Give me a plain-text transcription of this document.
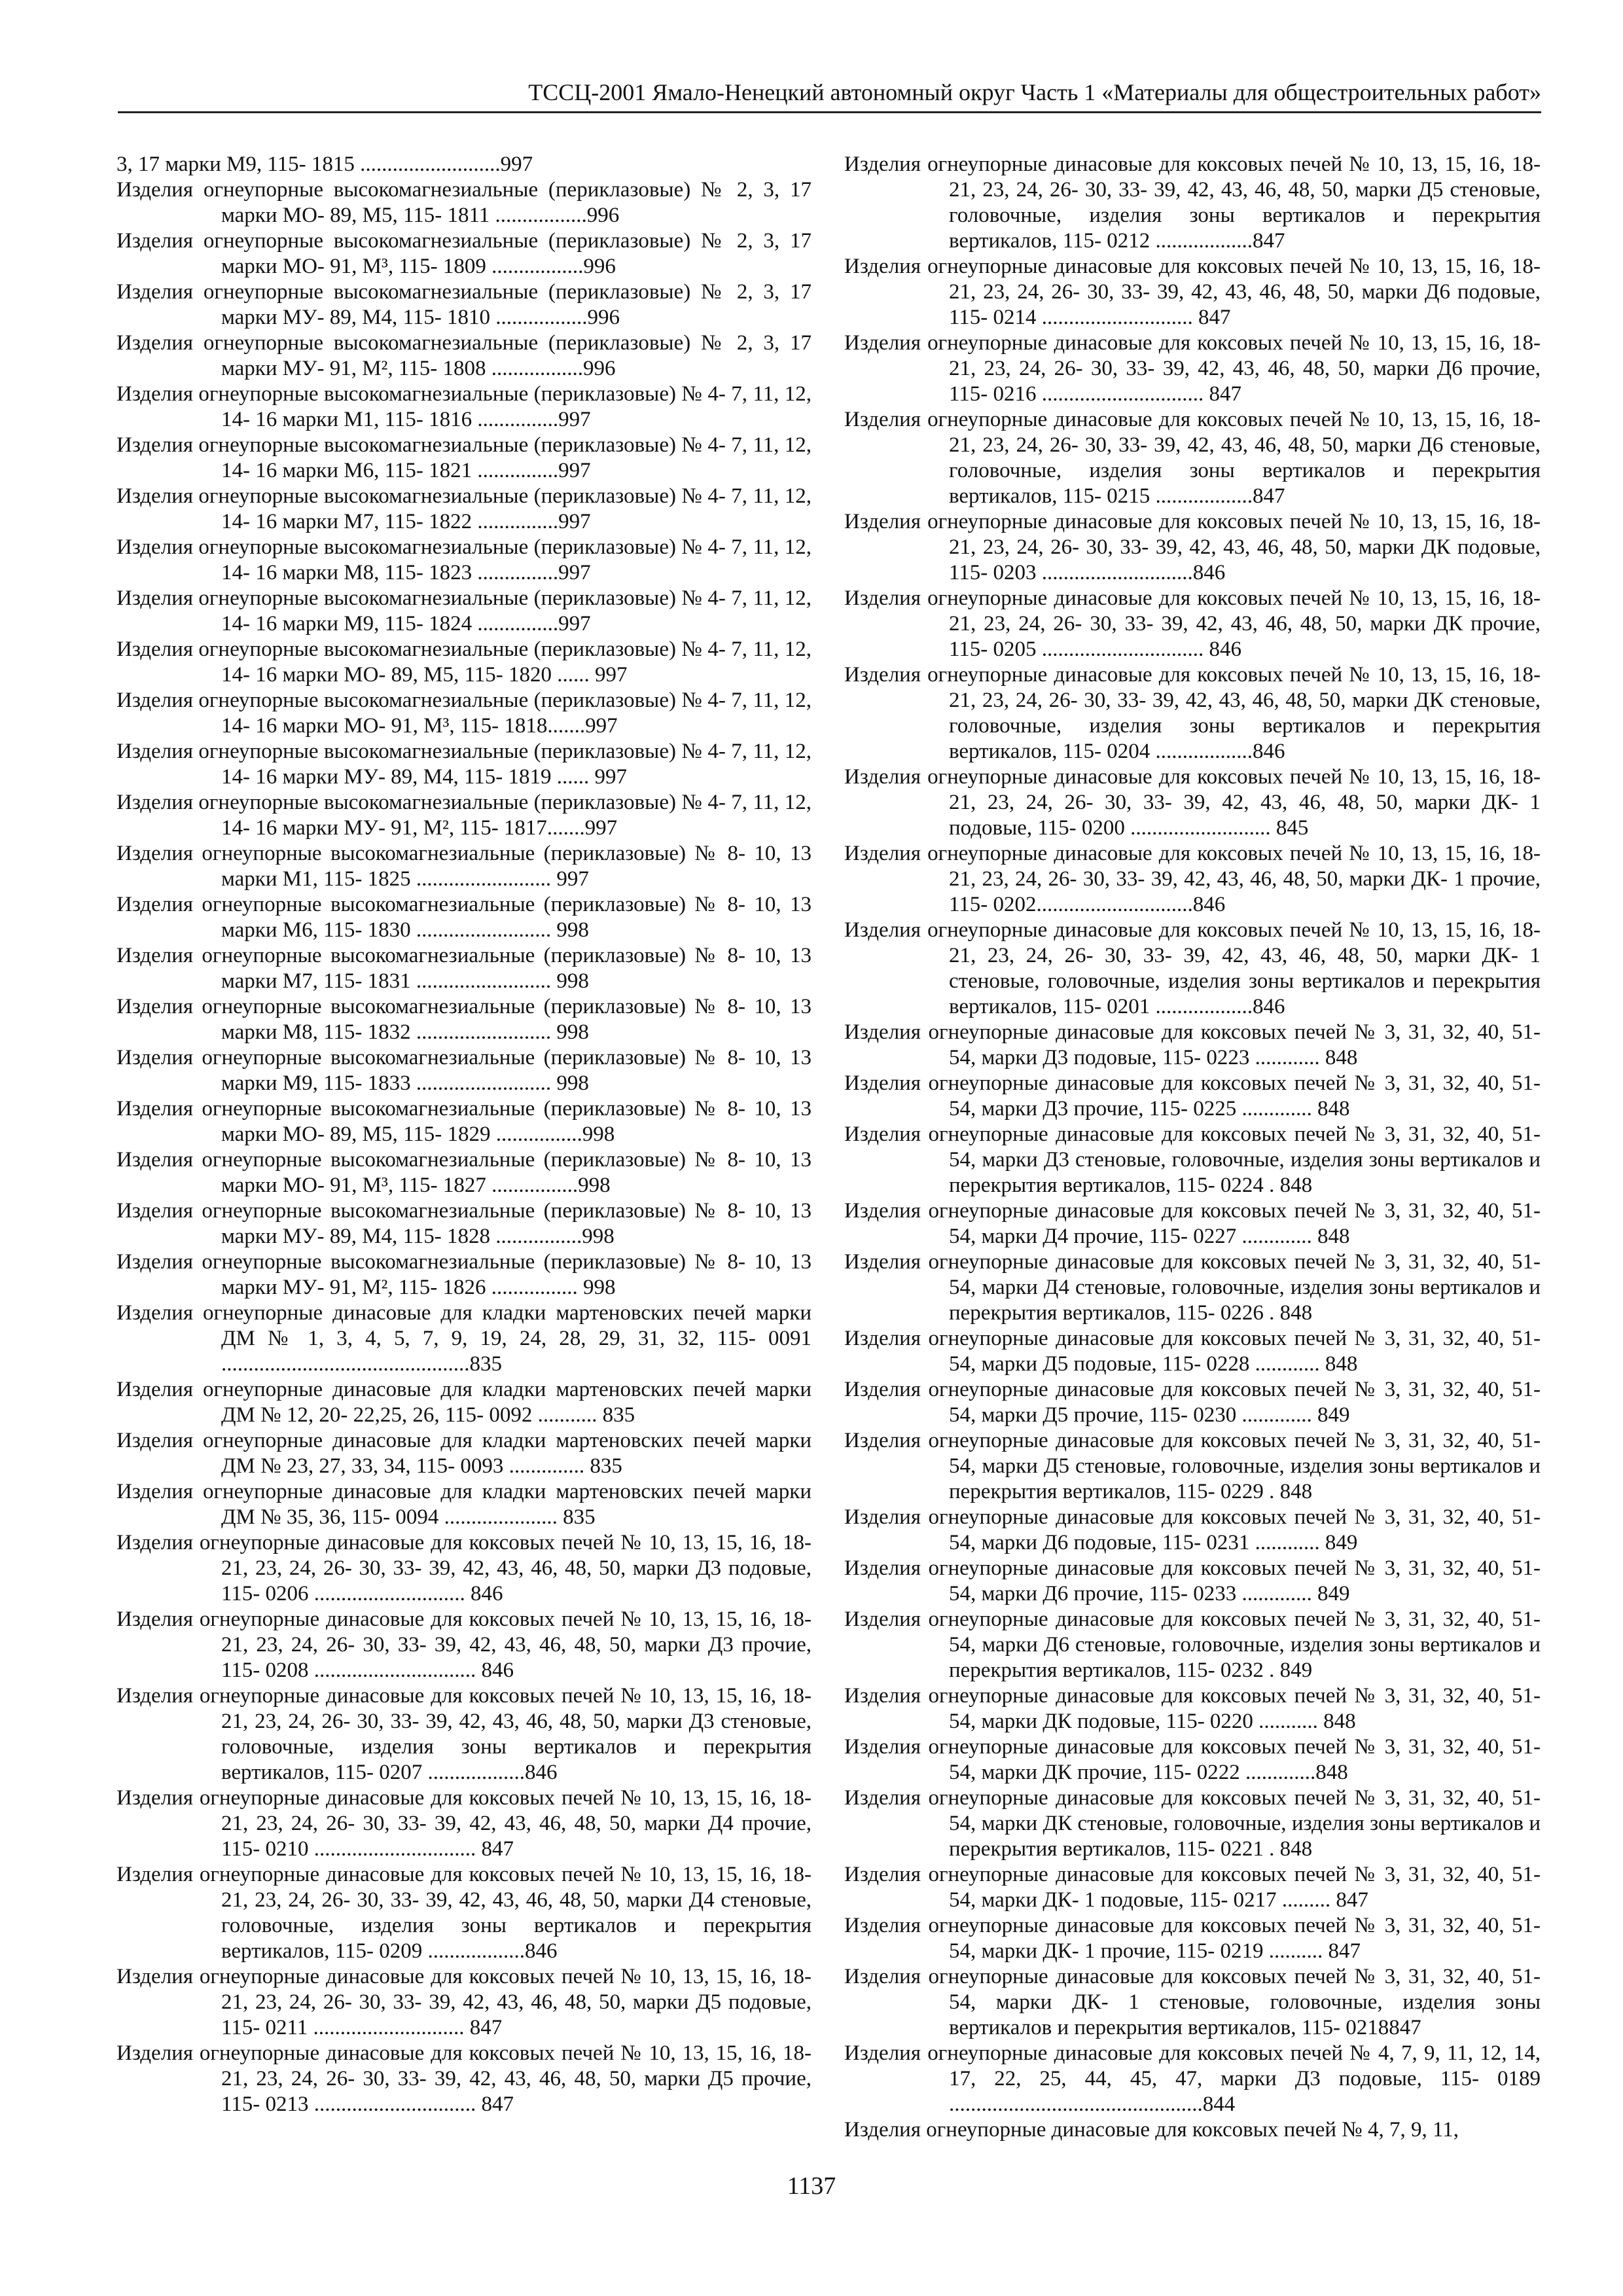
ТССЦ-2001 Ямало-Ненецкий автономный округ Часть 1 «Материалы для общестроительных работ»

3, 17 марки М9, 115- 1815 ..........................997

Изделия огнеупорные высокомагнезиальные (периклазовые) № 2, 3, 17 марки МО- 89, М5, 115- 1811 .................996

Изделия огнеупорные высокомагнезиальные (периклазовые) № 2, 3, 17 марки МО- 91, М³, 115- 1809 .................996

Изделия огнеупорные высокомагнезиальные (периклазовые) № 2, 3, 17 марки МУ- 89, М4, 115- 1810 .................996

Изделия огнеупорные высокомагнезиальные (периклазовые) № 2, 3, 17 марки МУ- 91, М², 115- 1808 .................996

Изделия огнеупорные высокомагнезиальные (периклазовые) № 4- 7, 11, 12, 14- 16 марки М1, 115- 1816 ...............997

Изделия огнеупорные высокомагнезиальные (периклазовые) № 4- 7, 11, 12, 14- 16 марки М6, 115- 1821 ...............997

Изделия огнеупорные высокомагнезиальные (периклазовые) № 4- 7, 11, 12, 14- 16 марки М7, 115- 1822 ...............997

Изделия огнеупорные высокомагнезиальные (периклазовые) № 4- 7, 11, 12, 14- 16 марки М8, 115- 1823 ...............997

Изделия огнеупорные высокомагнезиальные (периклазовые) № 4- 7, 11, 12, 14- 16 марки М9, 115- 1824 ...............997

Изделия огнеупорные высокомагнезиальные (периклазовые) № 4- 7, 11, 12, 14- 16 марки МО- 89, М5, 115- 1820 ...... 997

Изделия огнеупорные высокомагнезиальные (периклазовые) № 4- 7, 11, 12, 14- 16 марки МО- 91, М³, 115- 1818.......997

Изделия огнеупорные высокомагнезиальные (периклазовые) № 4- 7, 11, 12, 14- 16 марки МУ- 89, М4, 115- 1819 ...... 997

Изделия огнеупорные высокомагнезиальные (периклазовые) № 4- 7, 11, 12, 14- 16 марки МУ- 91, М², 115- 1817.......997

Изделия огнеупорные высокомагнезиальные (периклазовые) № 8- 10, 13 марки М1, 115- 1825 ......................... 997

Изделия огнеупорные высокомагнезиальные (периклазовые) № 8- 10, 13 марки М6, 115- 1830 ......................... 998

Изделия огнеупорные высокомагнезиальные (периклазовые) № 8- 10, 13 марки М7, 115- 1831 ......................... 998

Изделия огнеупорные высокомагнезиальные (периклазовые) № 8- 10, 13 марки М8, 115- 1832 ......................... 998

Изделия огнеупорные высокомагнезиальные (периклазовые) № 8- 10, 13 марки М9, 115- 1833 ......................... 998

Изделия огнеупорные высокомагнезиальные (периклазовые) № 8- 10, 13 марки МО- 89, М5, 115- 1829 ................998

Изделия огнеупорные высокомагнезиальные (периклазовые) № 8- 10, 13 марки МО- 91, М³, 115- 1827 ................998

Изделия огнеупорные высокомагнезиальные (периклазовые) № 8- 10, 13 марки МУ- 89, М4, 115- 1828 ................998

Изделия огнеупорные высокомагнезиальные (периклазовые) № 8- 10, 13 марки МУ- 91, М², 115- 1826 ................ 998

Изделия огнеупорные динасовые для кладки мартеновских печей марки ДМ № 1, 3, 4, 5, 7, 9, 19, 24, 28, 29, 31, 32, 115- 0091 ..............................................835

Изделия огнеупорные динасовые для кладки мартеновских печей марки ДМ № 12, 20- 22,25, 26, 115- 0092 ........... 835

Изделия огнеупорные динасовые для кладки мартеновских печей марки ДМ № 23, 27, 33, 34, 115- 0093 .............. 835

Изделия огнеупорные динасовые для кладки мартеновских печей марки ДМ № 35, 36, 115- 0094 ..................... 835

Изделия огнеупорные динасовые для коксовых печей № 10, 13, 15, 16, 18- 21, 23, 24, 26- 30, 33- 39, 42, 43, 46, 48, 50, марки Д3 подовые, 115- 0206 ............................ 846

Изделия огнеупорные динасовые для коксовых печей № 10, 13, 15, 16, 18- 21, 23, 24, 26- 30, 33- 39, 42, 43, 46, 48, 50, марки Д3 прочие, 115- 0208 .............................. 846

Изделия огнеупорные динасовые для коксовых печей № 10, 13, 15, 16, 18- 21, 23, 24, 26- 30, 33- 39, 42, 43, 46, 48, 50, марки Д3 стеновые, головочные, изделия зоны вертикалов и перекрытия вертикалов, 115- 0207 ..................846

Изделия огнеупорные динасовые для коксовых печей № 10, 13, 15, 16, 18- 21, 23, 24, 26- 30, 33- 39, 42, 43, 46, 48, 50, марки Д4 прочие, 115- 0210 .............................. 847

Изделия огнеупорные динасовые для коксовых печей № 10, 13, 15, 16, 18- 21, 23, 24, 26- 30, 33- 39, 42, 43, 46, 48, 50, марки Д4 стеновые, головочные, изделия зоны вертикалов и перекрытия вертикалов, 115- 0209 ..................846

Изделия огнеупорные динасовые для коксовых печей № 10, 13, 15, 16, 18- 21, 23, 24, 26- 30, 33- 39, 42, 43, 46, 48, 50, марки Д5 подовые, 115- 0211 ............................ 847

Изделия огнеупорные динасовые для коксовых печей № 10, 13, 15, 16, 18- 21, 23, 24, 26- 30, 33- 39, 42, 43, 46, 48, 50, марки Д5 прочие, 115- 0213 .............................. 847

Изделия огнеупорные динасовые для коксовых печей № 10, 13, 15, 16, 18- 21, 23, 24, 26- 30, 33- 39, 42, 43, 46, 48, 50, марки Д5 стеновые, головочные, изделия зоны вертикалов и перекрытия вертикалов, 115- 0212 ..................847

Изделия огнеупорные динасовые для коксовых печей № 10, 13, 15, 16, 18- 21, 23, 24, 26- 30, 33- 39, 42, 43, 46, 48, 50, марки Д6 подовые, 115- 0214 ............................ 847

Изделия огнеупорные динасовые для коксовых печей № 10, 13, 15, 16, 18- 21, 23, 24, 26- 30, 33- 39, 42, 43, 46, 48, 50, марки Д6 прочие, 115- 0216 .............................. 847

Изделия огнеупорные динасовые для коксовых печей № 10, 13, 15, 16, 18- 21, 23, 24, 26- 30, 33- 39, 42, 43, 46, 48, 50, марки Д6 стеновые, головочные, изделия зоны вертикалов и перекрытия вертикалов, 115- 0215 ..................847

Изделия огнеупорные динасовые для коксовых печей № 10, 13, 15, 16, 18- 21, 23, 24, 26- 30, 33- 39, 42, 43, 46, 48, 50, марки ДК подовые, 115- 0203 ............................846

Изделия огнеупорные динасовые для коксовых печей № 10, 13, 15, 16, 18- 21, 23, 24, 26- 30, 33- 39, 42, 43, 46, 48, 50, марки ДК прочие, 115- 0205 .............................. 846

Изделия огнеупорные динасовые для коксовых печей № 10, 13, 15, 16, 18- 21, 23, 24, 26- 30, 33- 39, 42, 43, 46, 48, 50, марки ДК стеновые, головочные, изделия зоны вертикалов и перекрытия вертикалов, 115- 0204 ..................846

Изделия огнеупорные динасовые для коксовых печей № 10, 13, 15, 16, 18- 21, 23, 24, 26- 30, 33- 39, 42, 43, 46, 48, 50, марки ДК- 1 подовые, 115- 0200 .......................... 845

Изделия огнеупорные динасовые для коксовых печей № 10, 13, 15, 16, 18- 21, 23, 24, 26- 30, 33- 39, 42, 43, 46, 48, 50, марки ДК- 1 прочие, 115- 0202.............................846

Изделия огнеупорные динасовые для коксовых печей № 10, 13, 15, 16, 18- 21, 23, 24, 26- 30, 33- 39, 42, 43, 46, 48, 50, марки ДК- 1 стеновые, головочные, изделия зоны вертикалов и перекрытия вертикалов, 115- 0201 ..................846

Изделия огнеупорные динасовые для коксовых печей № 3, 31, 32, 40, 51- 54, марки Д3 подовые, 115- 0223 ............ 848

Изделия огнеупорные динасовые для коксовых печей № 3, 31, 32, 40, 51- 54, марки Д3 прочие, 115- 0225 ............. 848

Изделия огнеупорные динасовые для коксовых печей № 3, 31, 32, 40, 51- 54, марки Д3 стеновые, головочные, изделия зоны вертикалов и перекрытия вертикалов, 115- 0224 . 848

Изделия огнеупорные динасовые для коксовых печей № 3, 31, 32, 40, 51- 54, марки Д4 прочие, 115- 0227 ............. 848

Изделия огнеупорные динасовые для коксовых печей № 3, 31, 32, 40, 51- 54, марки Д4 стеновые, головочные, изделия зоны вертикалов и перекрытия вертикалов, 115- 0226 . 848

Изделия огнеупорные динасовые для коксовых печей № 3, 31, 32, 40, 51- 54, марки Д5 подовые, 115- 0228 ............ 848

Изделия огнеупорные динасовые для коксовых печей № 3, 31, 32, 40, 51- 54, марки Д5 прочие, 115- 0230 ............. 849

Изделия огнеупорные динасовые для коксовых печей № 3, 31, 32, 40, 51- 54, марки Д5 стеновые, головочные, изделия зоны вертикалов и перекрытия вертикалов, 115- 0229 . 848

Изделия огнеупорные динасовые для коксовых печей № 3, 31, 32, 40, 51- 54, марки Д6 подовые, 115- 0231 ............ 849

Изделия огнеупорные динасовые для коксовых печей № 3, 31, 32, 40, 51- 54, марки Д6 прочие, 115- 0233 ............. 849

Изделия огнеупорные динасовые для коксовых печей № 3, 31, 32, 40, 51- 54, марки Д6 стеновые, головочные, изделия зоны вертикалов и перекрытия вертикалов, 115- 0232 . 849

Изделия огнеупорные динасовые для коксовых печей № 3, 31, 32, 40, 51- 54, марки ДК подовые, 115- 0220 ........... 848

Изделия огнеупорные динасовые для коксовых печей № 3, 31, 32, 40, 51- 54, марки ДК прочие, 115- 0222 .............848

Изделия огнеупорные динасовые для коксовых печей № 3, 31, 32, 40, 51- 54, марки ДК стеновые, головочные, изделия зоны вертикалов и перекрытия вертикалов, 115- 0221 . 848

Изделия огнеупорные динасовые для коксовых печей № 3, 31, 32, 40, 51- 54, марки ДК- 1 подовые, 115- 0217 ......... 847

Изделия огнеупорные динасовые для коксовых печей № 3, 31, 32, 40, 51- 54, марки ДК- 1 прочие, 115- 0219 .......... 847

Изделия огнеупорные динасовые для коксовых печей № 3, 31, 32, 40, 51- 54, марки ДК- 1 стеновые, головочные, изделия зоны вертикалов и перекрытия вертикалов, 115- 0218847

Изделия огнеупорные динасовые для коксовых печей № 4, 7, 9, 11, 12, 14, 17, 22, 25, 44, 45, 47, марки Д3 подовые, 115- 0189 ...............................................844

Изделия огнеупорные динасовые для коксовых печей № 4, 7, 9, 11,

1137
